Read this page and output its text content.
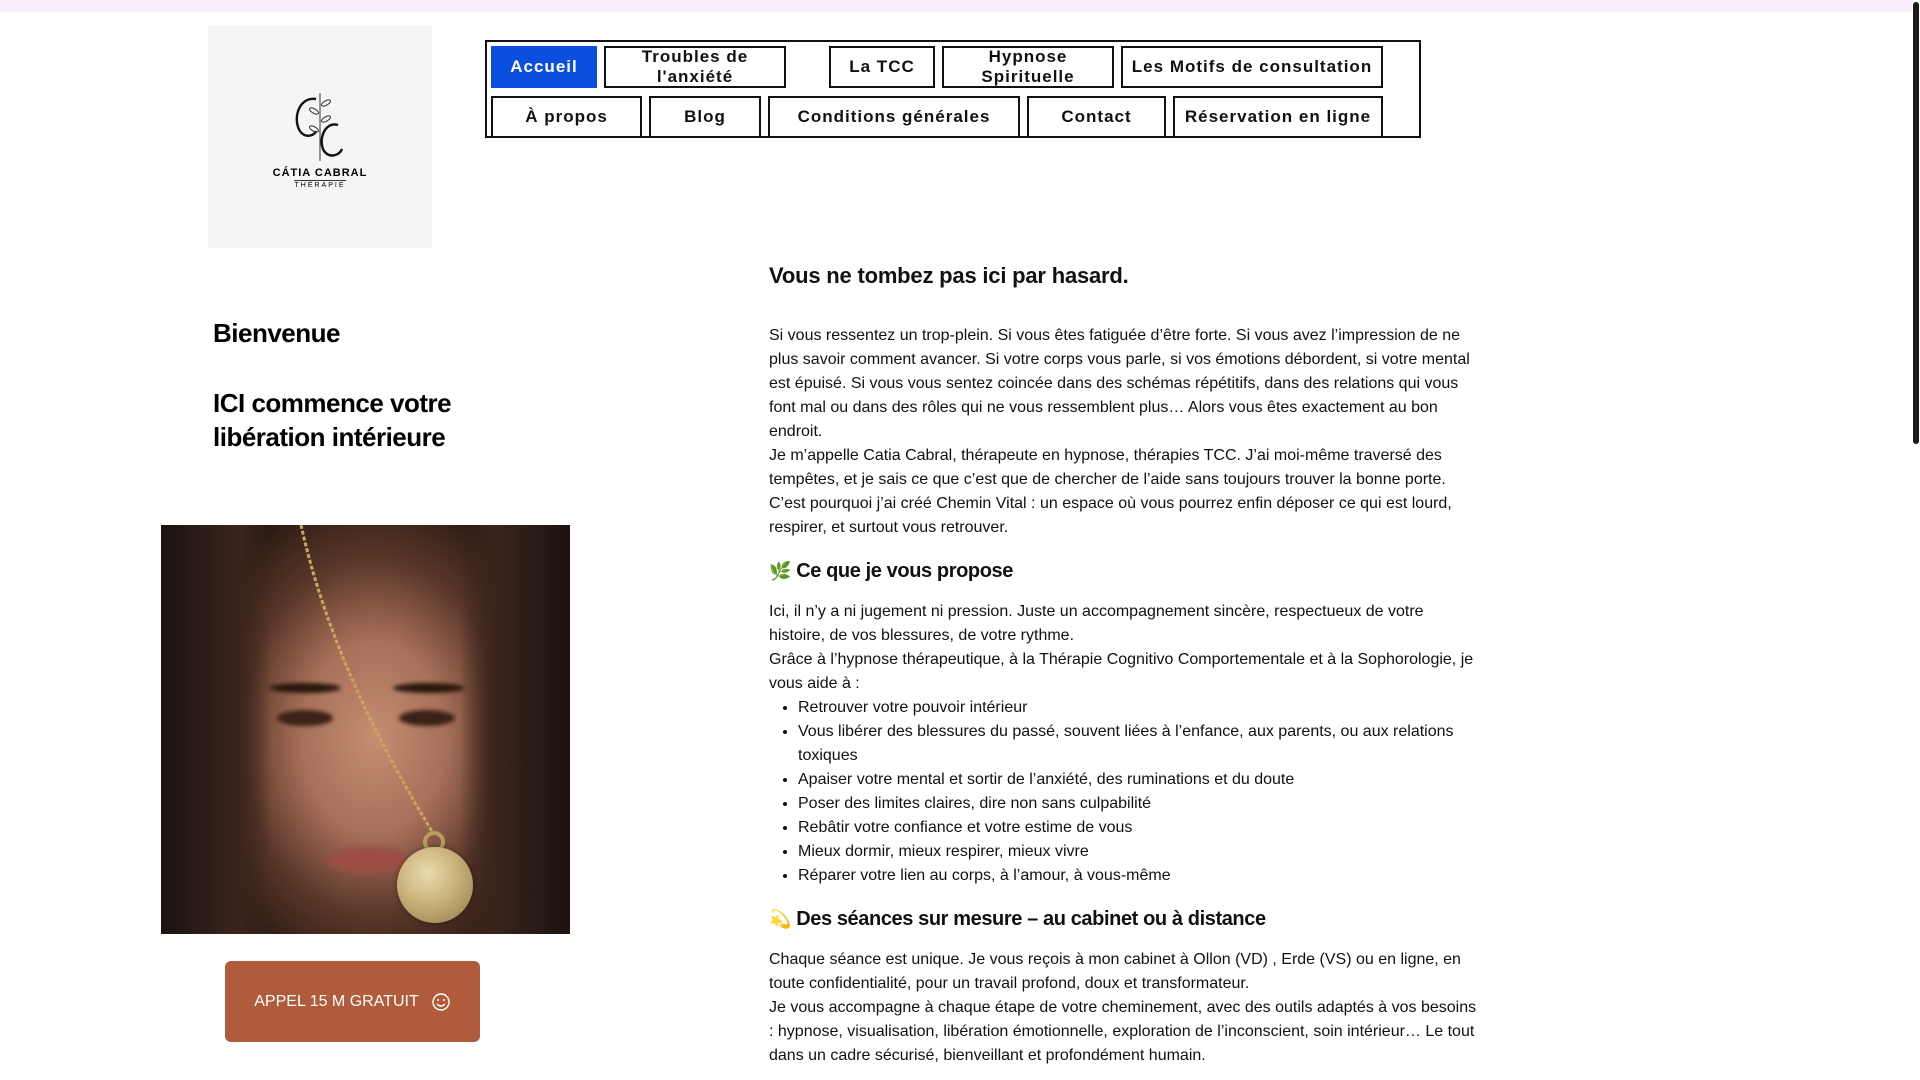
CÁTIA CABRAL
THÉRAPIE
Accueil
Troubles de l'anxiété
La TCC
Hypnose Spirituelle
Les Motifs de consultation
À propos	Blog	Conditions générales	Contact	Réservation en ligne
Bienvenue
ICI commence votre libération intérieure
APPEL 15 M GRATUIT
Vous ne tombez pas ici par hasard.

Si vous ressentez un trop-plein. Si vous êtes fatiguée d’être forte. Si vous avez l’impression de ne plus savoir comment avancer. Si votre corps vous parle, si vos émotions débordent, si votre mental est épuisé. Si vous vous sentez coincée dans des schémas répétitifs, dans des relations qui vous font mal ou dans des rôles qui ne vous ressemblent plus… Alors vous êtes exactement au bon endroit.

Je m’appelle Catia Cabral, thérapeute en hypnose, thérapies TCC. J’ai moi-même traversé des tempêtes, et je sais ce que c’est que de chercher de l’aide sans toujours trouver la bonne porte. C’est pourquoi j’ai créé Chemin Vital : un espace où vous pourrez enfin déposer ce qui est lourd, respirer, et surtout vous retrouver.

🌿 Ce que je vous propose

Ici, il n’y a ni jugement ni pression. Juste un accompagnement sincère, respectueux de votre histoire, de vos blessures, de votre rythme.

Grâce à l’hypnose thérapeutique, à la Thérapie Cognitivo Comportementale et à la Sophorologie, je vous aide à :

• Retrouver votre pouvoir intérieur
• Vous libérer des blessures du passé, souvent liées à l’enfance, aux parents, ou aux relations toxiques
• Apaiser votre mental et sortir de l’anxiété, des ruminations et du doute
• Poser des limites claires, dire non sans culpabilité
• Rebâtir votre confiance et votre estime de vous
• Mieux dormir, mieux respirer, mieux vivre
• Réparer votre lien au corps, à l’amour, à vous-même
💫 Des séances sur mesure – au cabinet ou à distance

Chaque séance est unique. Je vous reçois à mon cabinet à Ollon (VD) , Erde (VS) ou en ligne, en toute confidentialité, pour un travail profond, doux et transformateur.

Je vous accompagne à chaque étape de votre cheminement, avec des outils adaptés à vos besoins : hypnose, visualisation, libération émotionnelle, exploration de l’inconscient, soin intérieur… Le tout dans un cadre sécurisé, bienveillant et profondément humain.
